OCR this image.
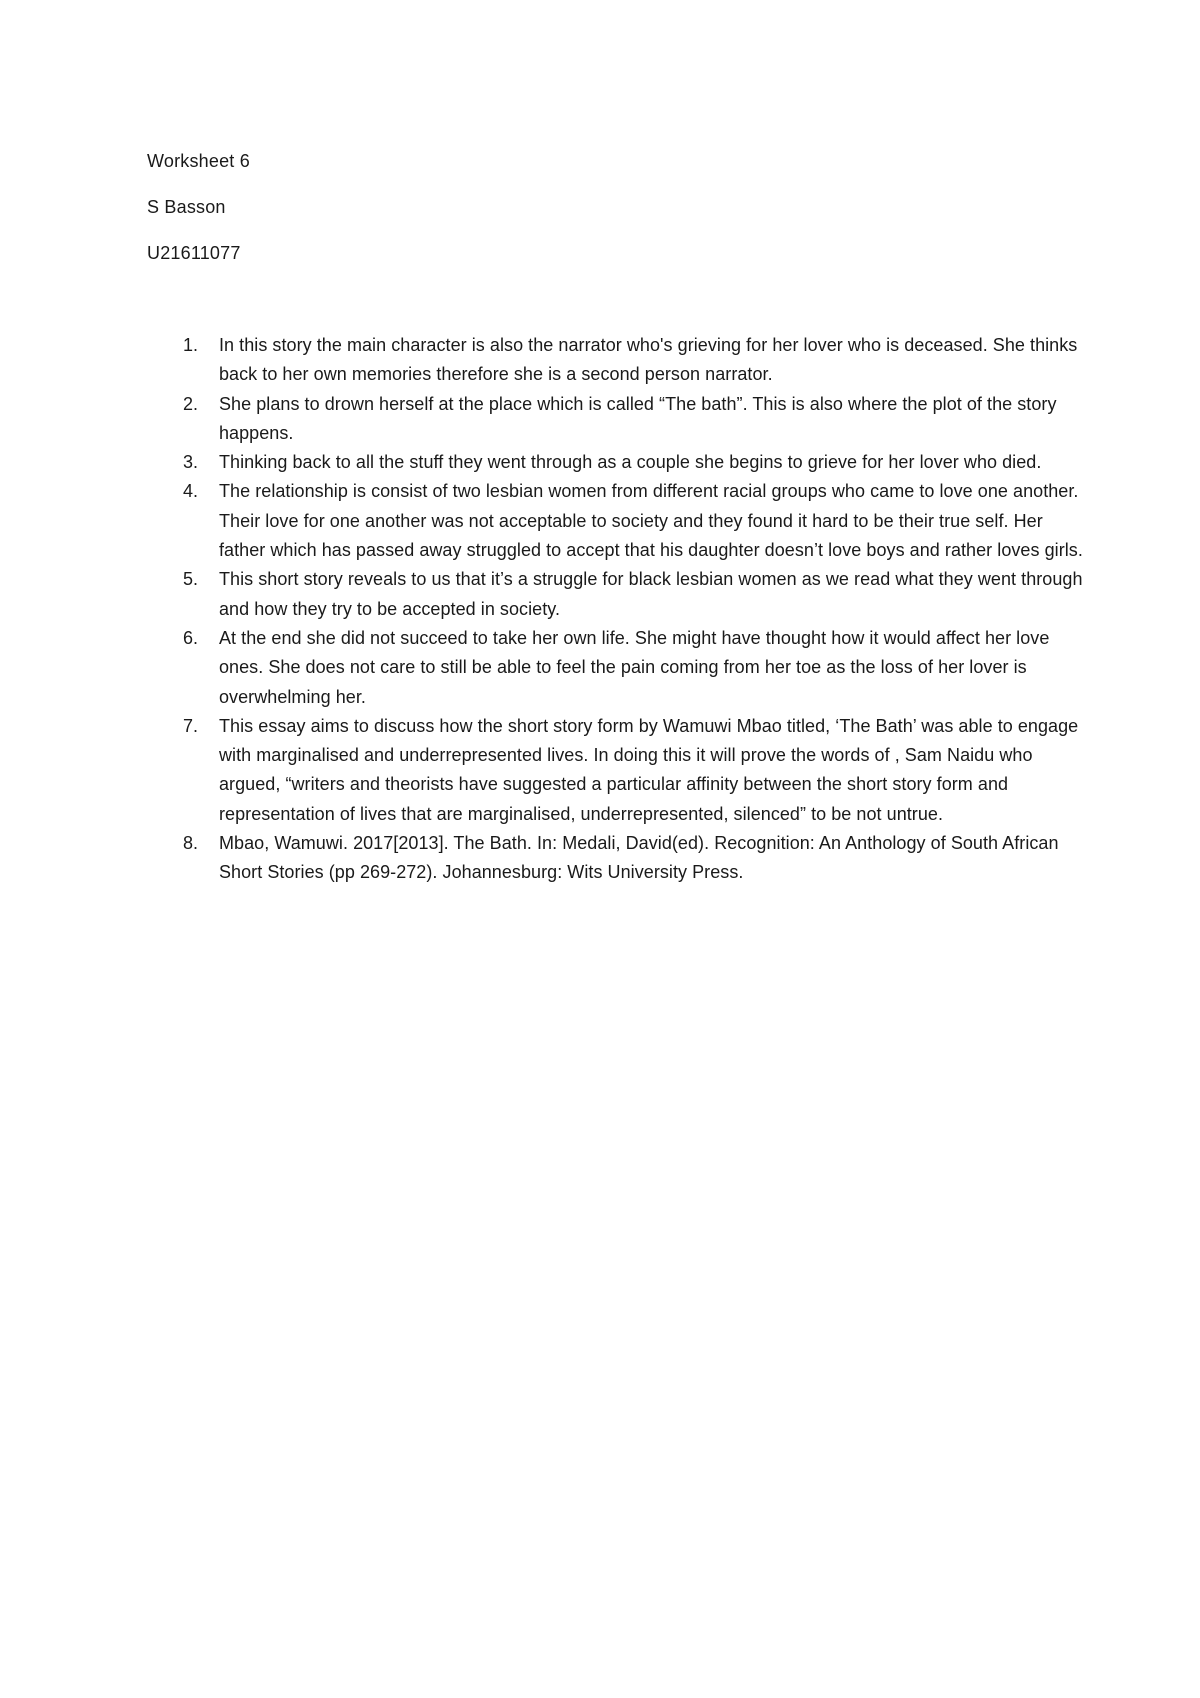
Worksheet 6
S Basson
U21611077
1.	In this story the main character is also the narrator who's grieving for her lover who is deceased. She thinks back to her own memories therefore she is a second person narrator.
2.	She plans to drown herself at the place which is called “The bath”. This is also where the plot of the story happens.
3.	Thinking back to all the stuff they went through as a couple she begins to grieve for her lover who died.
4.	The relationship is consist of two lesbian women from different racial groups who came to love one another.
Their love for one another was not acceptable to society and they found it hard to be their true self. Her father which has passed away struggled to accept that his daughter doesn’t love boys and rather loves girls.
5.	This short story reveals to us that it’s a struggle for black lesbian women as we read what they went through and how they try to be accepted in society.
6.	At the end she did not succeed to take her own life. She might have thought how it would affect her love ones. She does not care to still be able to feel the pain coming from her toe as the loss of her lover is overwhelming her.
7.	This essay aims to discuss how the short story form by Wamuwi Mbao titled, ‘The Bath’ was able to engage with marginalised and underrepresented lives. In doing this it will prove the words of , Sam Naidu who argued, “writers and theorists have suggested a particular affinity between the short story form and representation of lives that are marginalised, underrepresented, silenced” to be not untrue.
8.	Mbao, Wamuwi. 2017[2013]. The Bath. In: Medali, David(ed). Recognition: An Anthology of South African Short Stories (pp 269-272). Johannesburg: Wits University Press.
